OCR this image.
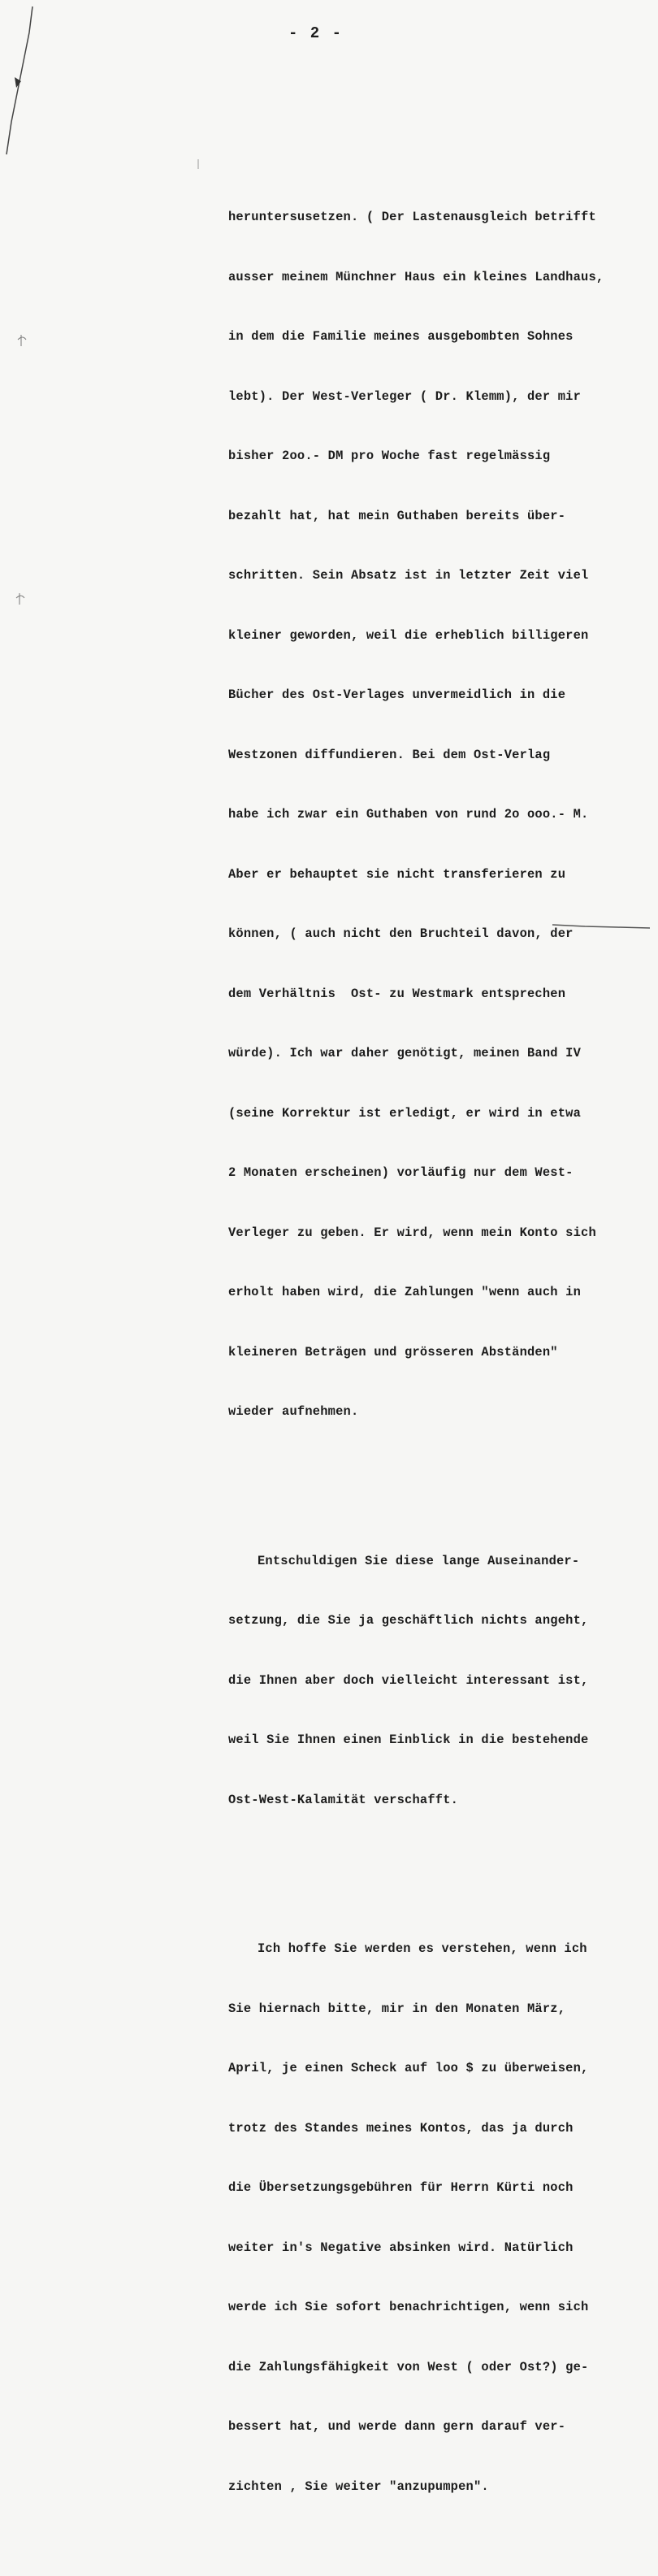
- 2 -

heruntersusetzen. ( Der Lastenausgleich betrifft

ausser meinem Münchner Haus ein kleines Landhaus,

in dem die Familie meines ausgebombten Sohnes

lebt). Der West-Verleger ( Dr. Klemm), der mir

bisher 2oo.- DM pro Woche fast regelmässig

bezahlt hat, hat mein Guthaben bereits über-

schritten. Sein Absatz ist in letzter Zeit viel

kleiner geworden, weil die erheblich billigeren

Bücher des Ost-Verlages unvermeidlich in die

Westzonen diffundieren. Bei dem Ost-Verlag

habe ich zwar ein Guthaben von rund 2o ooo.- M.

Aber er behauptet sie nicht transferieren zu

können, ( auch nicht den Bruchteil davon, der

dem Verhältnis  Ost- zu Westmark entsprechen

würde). Ich war daher genötigt, meinen Band IV

(seine Korrektur ist erledigt, er wird in etwa

2 Monaten erscheinen) vorläufig nur dem West-

Verleger zu geben. Er wird, wenn mein Konto sich

erholt haben wird, die Zahlungen "wenn auch in

kleineren Beträgen und grösseren Abständen"

wieder aufnehmen.

Entschuldigen Sie diese lange Auseinander-

setzung, die Sie ja geschäftlich nichts angeht,

die Ihnen aber doch vielleicht interessant ist,

weil Sie Ihnen einen Einblick in die bestehende

Ost-West-Kalamität verschafft.

Ich hoffe Sie werden es verstehen, wenn ich

Sie hiernach bitte, mir in den Monaten März,

April, je einen Scheck auf loo $ zu überweisen,

trotz des Standes meines Kontos, das ja durch

die Übersetzungsgebühren für Herrn Kürti noch

weiter in's Negative absinken wird. Natürlich

werde ich Sie sofort benachrichtigen, wenn sich

die Zahlungsfähigkeit von West ( oder Ost?) ge-

bessert hat, und werde dann gern darauf ver-

zichten , Sie weiter "anzupumpen".
